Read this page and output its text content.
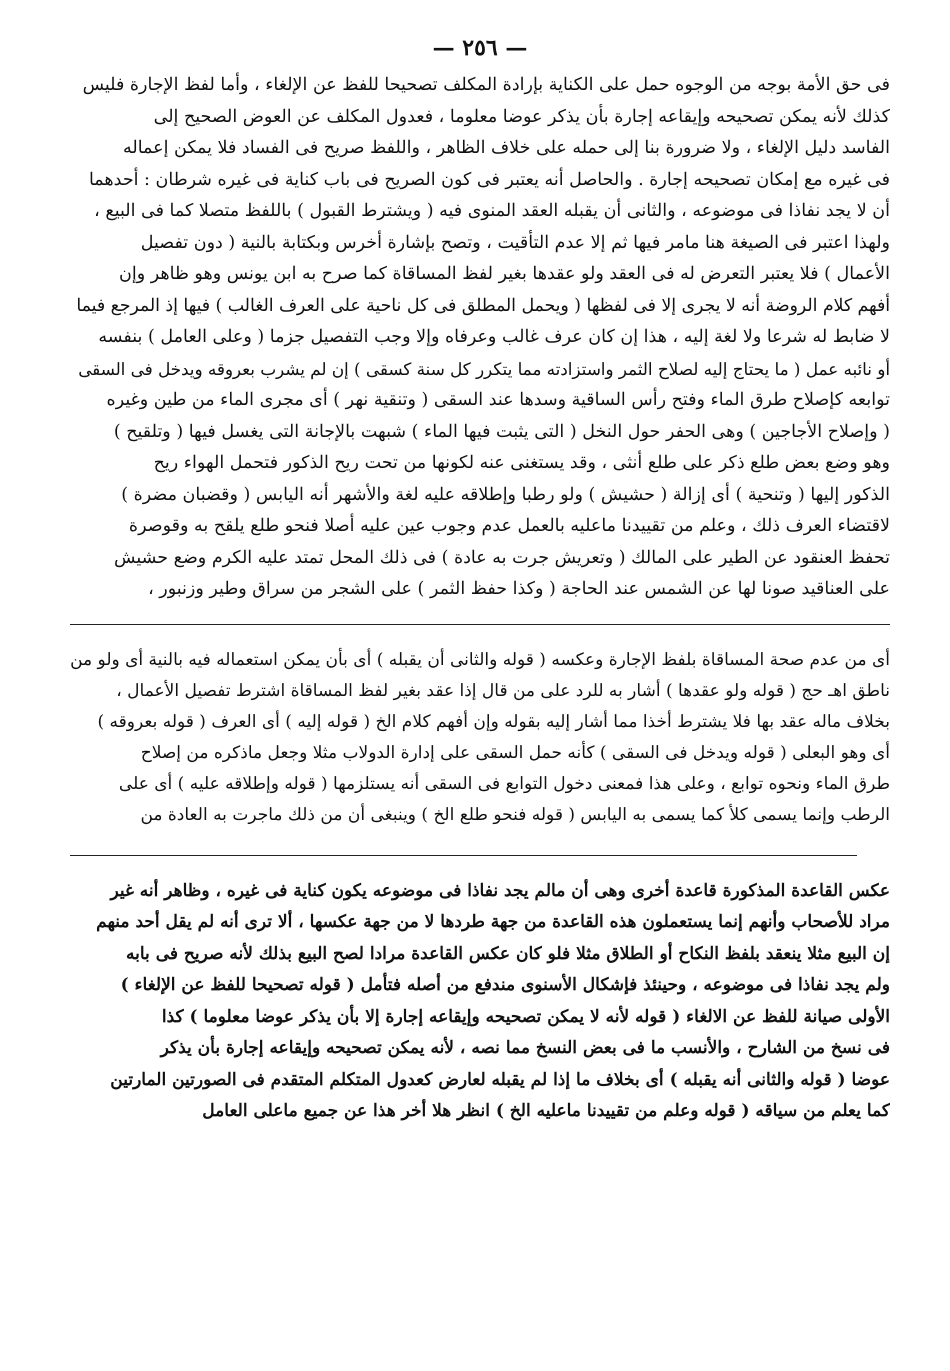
— ٢٥٦ —

فى حق الأمة بوجه من الوجوه حمل على الكناية بإرادة المكلف تصحيحا للفظ عن الإلغاء ، وأما لفظ الإجارة فليس

كذلك لأنه يمكن تصحيحه وإيقاعه إجارة بأن يذكر عوضا معلوما ، فعدول المكلف عن العوض الصحيح إلى

الفاسد دليل الإلغاء ، ولا ضرورة بنا إلى حمله على خلاف الظاهر ، واللفظ صريح فى الفساد فلا يمكن إعماله

فى غيره مع إمكان تصحيحه إجارة . والحاصل أنه يعتبر فى كون الصريح فى باب كناية فى غيره شرطان : أحدهما

أن لا يجد نفاذا فى موضوعه ، والثانى أن يقبله العقد المنوى فيه ( ويشترط القبول ) باللفظ متصلا كما فى البيع ،

ولهذا اعتبر فى الصيغة هنا مامر فيها ثم إلا عدم التأقيت ، وتصح بإشارة أخرس وبكتابة بالنية ( دون تفصيل

الأعمال ) فلا يعتبر التعرض له فى العقد ولو عقدها بغير لفظ المساقاة كما صرح به ابن يونس وهو ظاهر وإن

أفهم كلام الروضة أنه لا يجرى إلا فى لفظها ( ويحمل المطلق فى كل ناحية على العرف الغالب ) فيها إذ المرجع فيما

لا ضابط له شرعا ولا لغة إليه ، هذا إن كان عرف غالب وعرفاه وإلا وجب التفصيل جزما ( وعلى العامل ) بنفسه

أو نائبه عمل ( ما يحتاج إليه لصلاح الثمر واستزادته مما يتكرر كل سنة كسقى ) إن لم يشرب بعروقه ويدخل فى السقى

توابعه كإصلاح طرق الماء وفتح رأس الساقية وسدها عند السقى ( وتنقية نهر ) أى مجرى الماء من طين وغيره

( وإصلاح الأجاجين ) وهى الحفر حول النخل ( التى يثبت فيها الماء ) شبهت بالإجانة التى يغسل فيها ( وتلقيح )

وهو وضع بعض طلع ذكر على طلع أنثى ، وقد يستغنى عنه لكونها من تحت ريح الذكور فتحمل الهواء ريح

الذكور إليها ( وتنحية ) أى إزالة ( حشيش ) ولو رطبا وإطلاقه عليه لغة والأشهر أنه اليابس ( وقضبان مضرة )

لاقتضاء العرف ذلك ، وعلم من تقييدنا ماعليه بالعمل عدم وجوب عين عليه أصلا فنحو طلع يلقح به وقوصرة

تحفظ العنقود عن الطير على المالك ( وتعريش جرت به عادة ) فى ذلك المحل تمتد عليه الكرم وضع حشيش

على العناقيد صونا لها عن الشمس عند الحاجة ( وكذا حفظ الثمر ) على الشجر من سراق وطير وزنبور ،

أى من عدم صحة المساقاة بلفظ الإجارة وعكسه ( قوله والثانى أن يقبله ) أى بأن يمكن استعماله فيه بالنية أى ولو من

ناطق اهـ حج ( قوله ولو عقدها ) أشار به للرد على من قال إذا عقد بغير لفظ المساقاة اشترط تفصيل الأعمال ،

بخلاف ماله عقد بها فلا يشترط أخذا مما أشار إليه بقوله وإن أفهم كلام الخ ( قوله إليه ) أى العرف ( قوله بعروقه )

أى وهو البعلى ( قوله ويدخل فى السقى ) كأنه حمل السقى على إدارة الدولاب مثلا وجعل ماذكره من إصلاح

طرق الماء ونحوه توابع ، وعلى هذا فمعنى دخول التوابع فى السقى أنه يستلزمها ( قوله وإطلاقه عليه ) أى على

الرطب وإنما يسمى كلأ كما يسمى به اليابس ( قوله فنحو طلع الخ ) وينبغى أن من ذلك ماجرت به العادة من

عكس القاعدة المذكورة قاعدة أخرى وهى أن مالم يجد نفاذا فى موضوعه يكون كناية فى غيره ، وظاهر أنه غير

مراد للأصحاب وأنهم إنما يستعملون هذه القاعدة من جهة طردها لا من جهة عكسها ، ألا ترى أنه لم يقل أحد منهم

إن البيع مثلا ينعقد بلفظ النكاح أو الطلاق مثلا فلو كان عكس القاعدة مرادا لصح البيع بذلك لأنه صريح فى بابه

ولم يجد نفاذا فى موضوعه ، وحينئذ فإشكال الأسنوى مندفع من أصله فتأمل ( قوله تصحيحا للفظ عن الإلغاء )

الأولى صيانة للفظ عن الالغاء ( قوله لأنه لا يمكن تصحيحه وإيقاعه إجارة إلا بأن يذكر عوضا معلوما ) كذا

فى نسخ من الشارح ، والأنسب ما فى بعض النسخ مما نصه ، لأنه يمكن تصحيحه وإيقاعه إجارة بأن يذكر

عوضا ( قوله والثانى أنه يقبله ) أى بخلاف ما إذا لم يقبله لعارض كعدول المتكلم المتقدم فى الصورتين المارتين

كما يعلم من سياقه ( قوله وعلم من تقييدنا ماعليه الخ ) انظر هلا أخر هذا عن جميع ماعلى العامل
